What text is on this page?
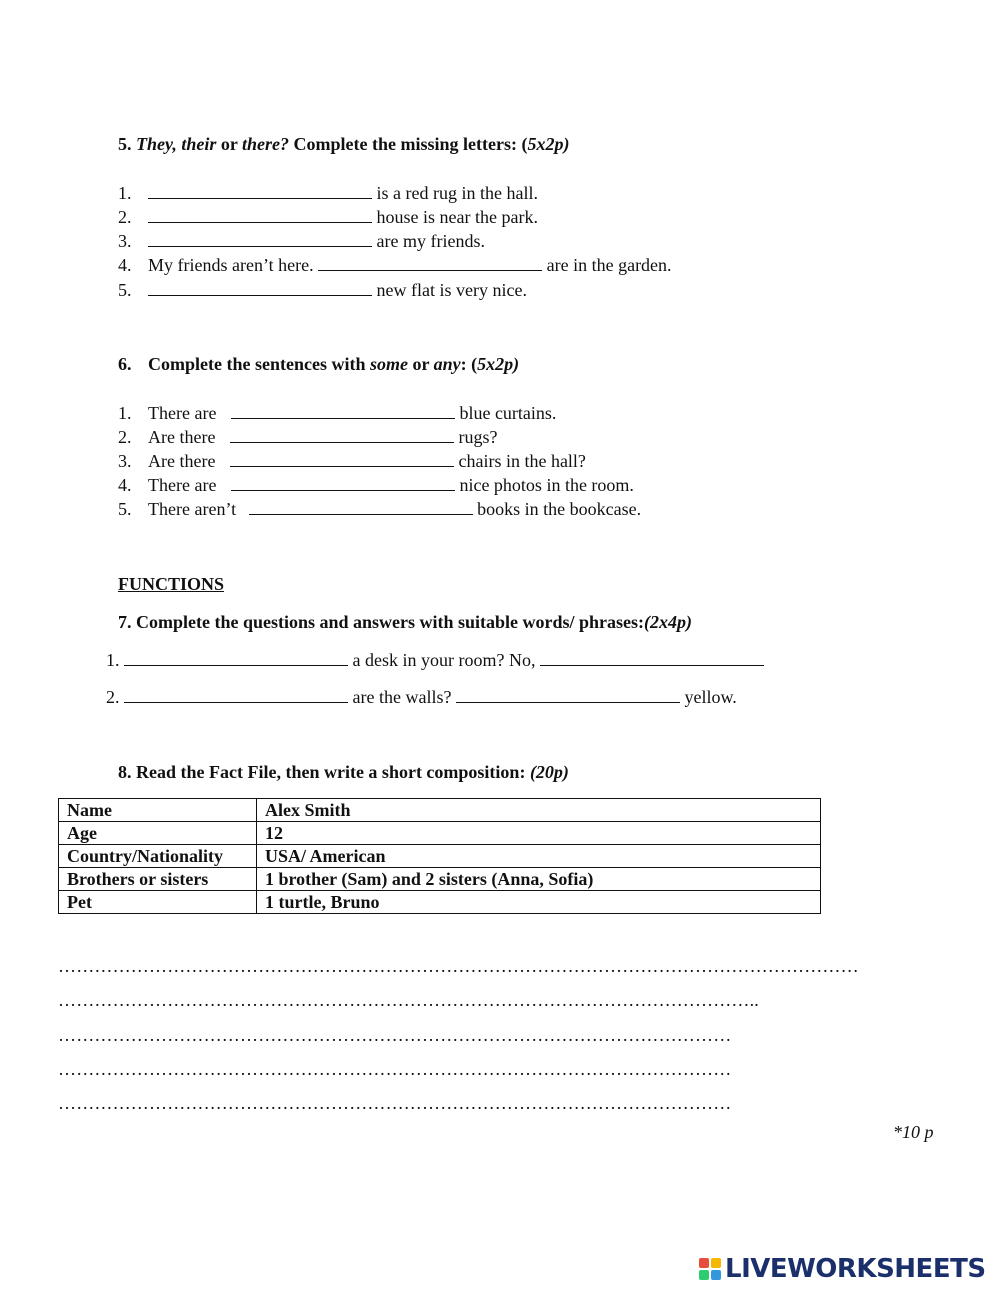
5. They, their or there? Complete the missing letters: (5x2p)
1.	is a red rug in the hall.
2.	house is near the park.
3.	are my friends.
4. My friends aren’t here.	are in the garden.
5.	new flat is very nice.
6. Complete the sentences with some or any: (5x2p)
1. There are	blue curtains.
2. Are there	rugs?
3. Are there	chairs in the hall?
4. There are	nice photos in the room.
5. There aren’t	books in the bookcase.
FUNCTIONS
7. Complete the questions and answers with suitable words/ phrases:(2x4p)
1.	a desk in your room? No,
2.	are the walls?	yellow.
8. Read the Fact File, then write a short composition: (20p)
Name	Alex Smith
Age	12
Country/Nationality	USA/ American
Brothers or sisters	1 brother (Sam) and 2 sisters (Anna, Sofia)
Pet	1 turtle, Bruno
……………………………………………………………………………………………………………………
……………………………………………………………………………………………………..
…………………………………………………………………………………………………
…………………………………………………………………………………………………
…………………………………………………………………………………………………
*10 p
LIVEWORKSHEETS
